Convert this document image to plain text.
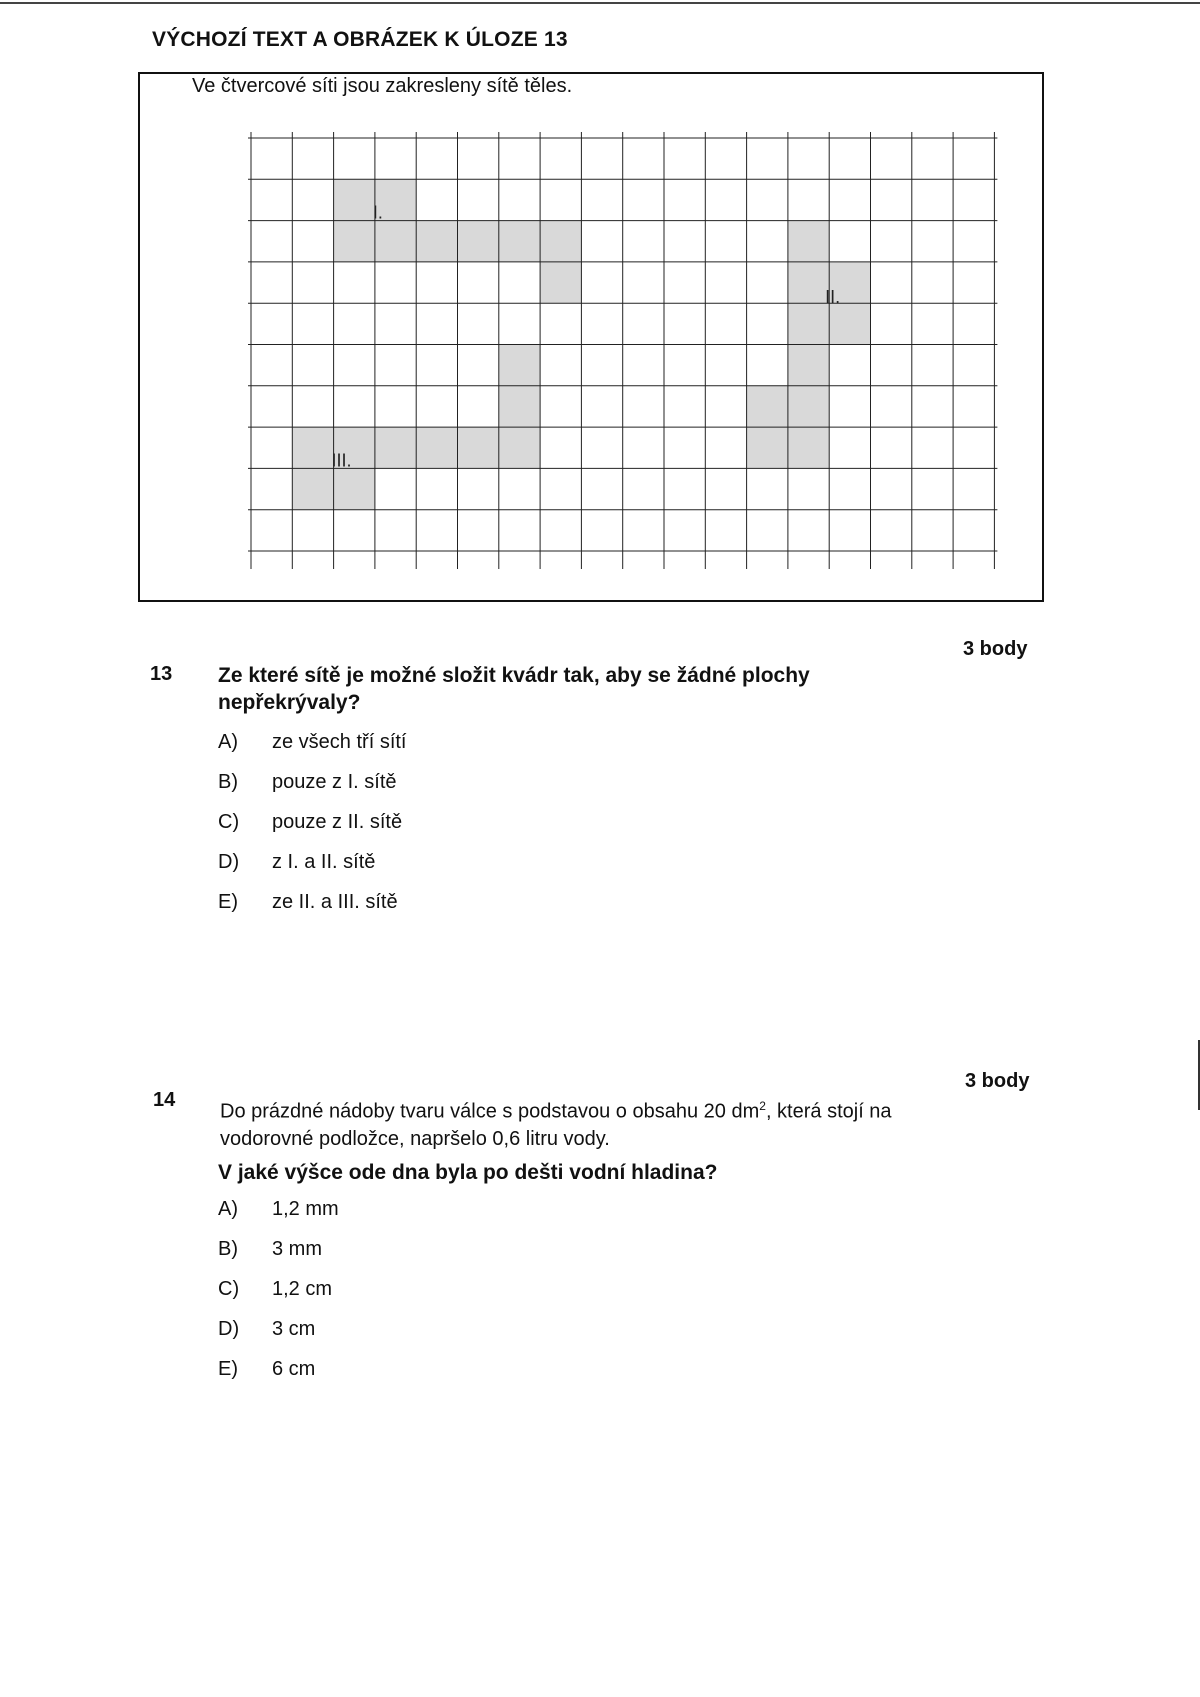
VÝCHOZÍ TEXT A OBRÁZEK K ÚLOZE 13
Ve čtvercové síti jsou zakresleny sítě těles.
I.
II.
III.
3 body
13 Ze které sítě je možné složit kvádr tak, aby se žádné plochy nepřekrývaly?
A) ze všech tří sítí
B) pouze z I. sítě
C) pouze z II. sítě
D) z I. a II. sítě
E) ze II. a III. sítě
3 body
14
Do prázdné nádoby tvaru válce s podstavou o obsahu 20 $dm^2$, která stojí na vodorovné podložce, napršelo 0,6 litru vody.
V jaké výšce ode dna byla po dešti vodní hladina?
A) 1,2 mm
B) 3 mm
C) 1,2 cm
D) 3 cm
E) 6 cm
